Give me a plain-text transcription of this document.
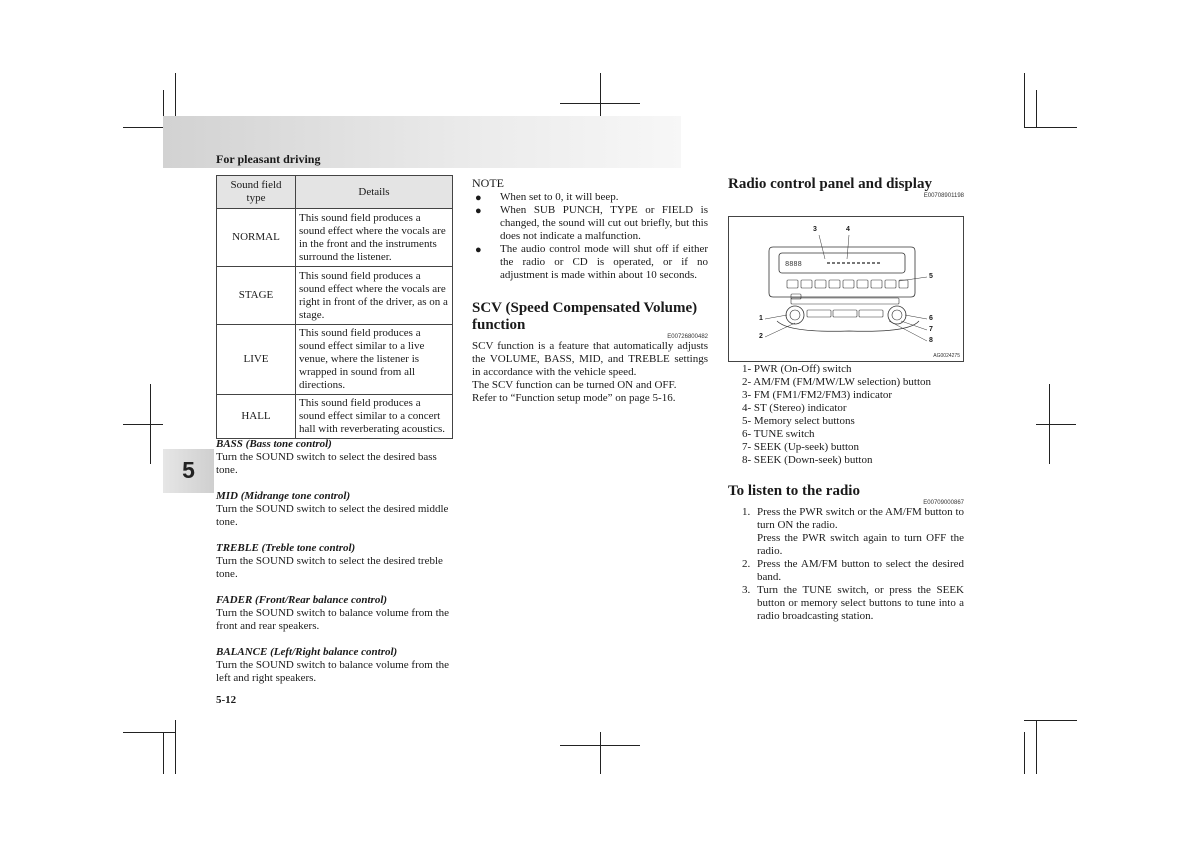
For pleasant driving
5
Sound field type	Details
NORMAL	This sound field produces a sound effect where the vocals are in the front and the instruments surround the listener.
STAGE	This sound field produces a sound effect where the vocals are right in front of the driver, as on a stage.
LIVE	This sound field produces a sound effect similar to a live venue, where the listener is wrapped in sound from all directions.
HALL	This sound field produces a sound effect similar to a concert hall with reverberating acoustics.
BASS (Bass tone control)
Turn the SOUND switch to select the desired bass tone.
MID (Midrange tone control)
Turn the SOUND switch to select the desired middle tone.
TREBLE (Treble tone control)
Turn the SOUND switch to select the desired treble tone.
FADER (Front/Rear balance control)
Turn the SOUND switch to balance volume from the front and rear speakers.
BALANCE (Left/Right balance control)
Turn the SOUND switch to balance volume from the left and right speakers.
5-12
NOTE
● When set to 0, it will beep.
● When SUB PUNCH, TYPE or FIELD is changed, the sound will cut out briefly, but this does not indicate a malfunction.
● The audio control mode will shut off if either the radio or CD is operated, or if no adjustment is made within about 10 seconds.
SCV (Speed Compensated Volume) function
E00726800482
SCV function is a feature that automatically adjusts the VOLUME, BASS, MID, and TREBLE settings in accordance with the vehicle speed.
The SCV function can be turned ON and OFF.
Refer to “Function setup mode” on page 5-16.
Radio control panel and display
E00708901198
8888
3	4
5
1
2
6
7
8
AG0024275
1- PWR (On-Off) switch
2- AM/FM (FM/MW/LW selection) button
3- FM (FM1/FM2/FM3) indicator
4- ST (Stereo) indicator
5- Memory select buttons
6- TUNE switch
7- SEEK (Up-seek) button
8- SEEK (Down-seek) button
To listen to the radio
E00709000867
1. Press the PWR switch or the AM/FM button to turn ON the radio.
Press the PWR switch again to turn OFF the radio.
2. Press the AM/FM button to select the desired band.
3. Turn the TUNE switch, or press the SEEK button or memory select buttons to tune into a radio broadcasting station.
